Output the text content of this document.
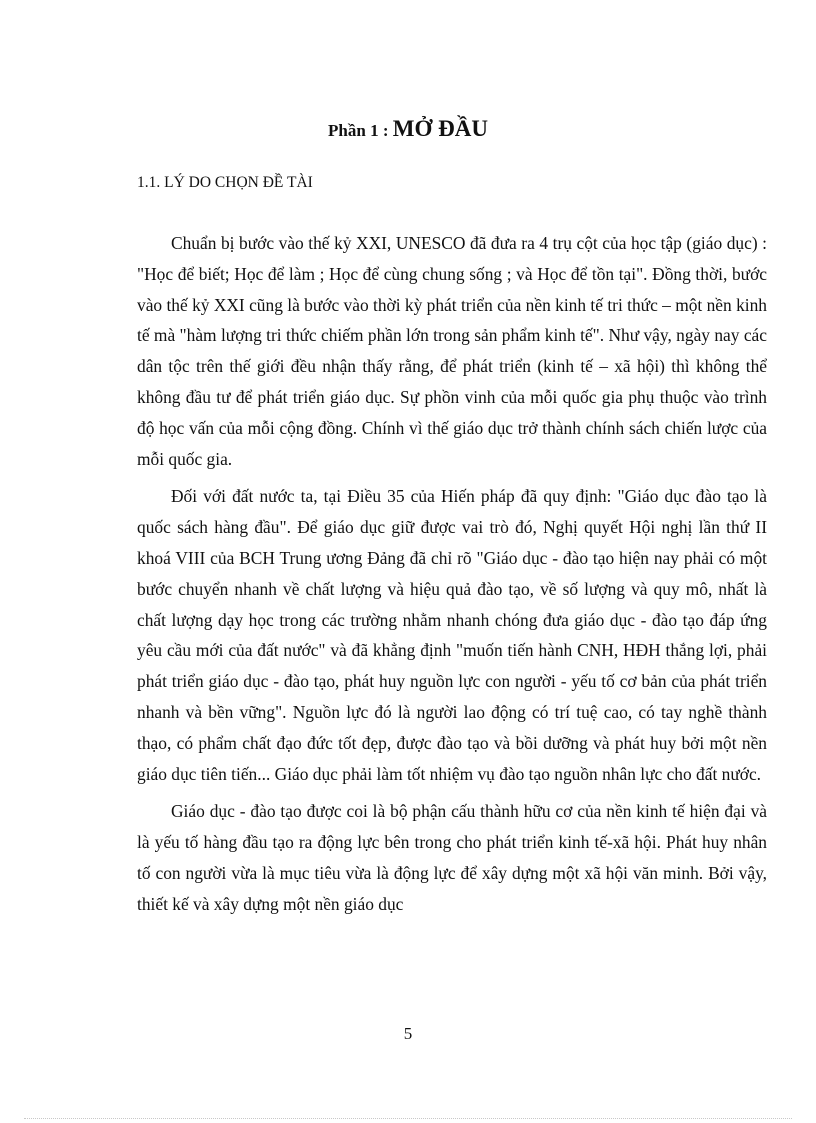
Phần 1 : MỞ ĐẦU
1.1. LÝ DO CHỌN ĐỀ TÀI

Chuẩn bị bước vào thế kỷ XXI, UNESCO đã đưa ra 4 trụ cột của học tập (giáo dục) : "Học để biết; Học để làm ; Học để cùng chung sống ; và Học để tồn tại". Đồng thời, bước vào thế kỷ XXI cũng là bước vào thời kỳ phát triển của nền kinh tế tri thức – một nền kinh tế mà "hàm lượng tri thức chiếm phần lớn trong sản phẩm kinh tế". Như vậy, ngày nay các dân tộc trên thế giới đều nhận thấy rằng, để phát triển (kinh tế – xã hội) thì không thể không đầu tư để phát triển giáo dục. Sự phồn vinh của mỗi quốc gia phụ thuộc vào trình độ học vấn của mỗi cộng đồng. Chính vì thế giáo dục trở thành chính sách chiến lược của mỗi quốc gia.

Đối với đất nước ta, tại Điều 35 của Hiến pháp đã quy định: "Giáo dục đào tạo là quốc sách hàng đầu". Để giáo dục giữ được vai trò đó, Nghị quyết Hội nghị lần thứ II khoá VIII của BCH Trung ương Đảng đã chỉ rõ "Giáo dục - đào tạo hiện nay phải có một bước chuyển nhanh về chất lượng và hiệu quả đào tạo, về số lượng và quy mô, nhất là chất lượng dạy học trong các trường nhằm nhanh chóng đưa giáo dục - đào tạo đáp ứng yêu cầu mới của đất nước" và đã khẳng định "muốn tiến hành CNH, HĐH thắng lợi, phải phát triển giáo dục - đào tạo, phát huy nguồn lực con người - yếu tố cơ bản của phát triển nhanh và bền vững". Nguồn lực đó là người lao động có trí tuệ cao, có tay nghề thành thạo, có phẩm chất đạo đức tốt đẹp, được đào tạo và bồi dưỡng và phát huy bởi một nền giáo dục tiên tiến... Giáo dục phải làm tốt nhiệm vụ đào tạo nguồn nhân lực cho đất nước.

Giáo dục - đào tạo được coi là bộ phận cấu thành hữu cơ của nền kinh tế hiện đại và là yếu tố hàng đầu tạo ra động lực bên trong cho phát triển kinh tế-xã hội. Phát huy nhân tố con người vừa là mục tiêu vừa là động lực để xây dựng một xã hội văn minh. Bởi vậy, thiết kế và xây dựng một nền giáo dục

5
